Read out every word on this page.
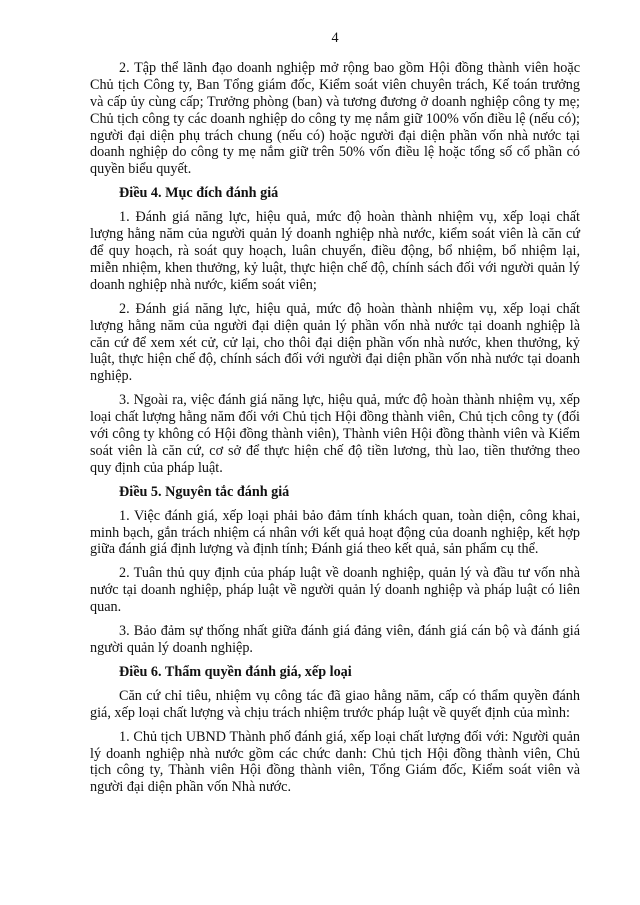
4

2. Tập thể lãnh đạo doanh nghiệp mở rộng bao gồm Hội đồng thành viên hoặc Chủ tịch Công ty, Ban Tổng giám đốc, Kiểm soát viên chuyên trách, Kế toán trưởng và cấp ủy cùng cấp; Trưởng phòng (ban) và tương đương ở doanh nghiệp công ty mẹ; Chủ tịch công ty các doanh nghiệp do công ty mẹ nắm giữ 100% vốn điều lệ (nếu có); người đại diện phụ trách chung (nếu có) hoặc người đại diện phần vốn nhà nước tại doanh nghiệp do công ty mẹ nắm giữ trên 50% vốn điều lệ hoặc tổng số cổ phần có quyền biểu quyết.

Điều 4. Mục đích đánh giá

1. Đánh giá năng lực, hiệu quả, mức độ hoàn thành nhiệm vụ, xếp loại chất lượng hằng năm của người quản lý doanh nghiệp nhà nước, kiểm soát viên là căn cứ để quy hoạch, rà soát quy hoạch, luân chuyển, điều động, bổ nhiệm, bổ nhiệm lại, miễn nhiệm, khen thưởng, kỷ luật, thực hiện chế độ, chính sách đối với người quản lý doanh nghiệp nhà nước, kiểm soát viên;

2. Đánh giá năng lực, hiệu quả, mức độ hoàn thành nhiệm vụ, xếp loại chất lượng hằng năm của người đại diện quản lý phần vốn nhà nước tại doanh nghiệp là căn cứ để xem xét cử, cử lại, cho thôi đại diện phần vốn nhà nước, khen thưởng, kỷ luật, thực hiện chế độ, chính sách đối với người đại diện phần vốn nhà nước tại doanh nghiệp.

3. Ngoài ra, việc đánh giá năng lực, hiệu quả, mức độ hoàn thành nhiệm vụ, xếp loại chất lượng hằng năm đối với Chủ tịch Hội đồng thành viên, Chủ tịch công ty (đối với công ty không có Hội đồng thành viên), Thành viên Hội đồng thành viên và Kiểm soát viên là căn cứ, cơ sở để thực hiện chế độ tiền lương, thù lao, tiền thưởng theo quy định của pháp luật.

Điều 5. Nguyên tắc đánh giá

1. Việc đánh giá, xếp loại phải bảo đảm tính khách quan, toàn diện, công khai, minh bạch, gắn trách nhiệm cá nhân với kết quả hoạt động của doanh nghiệp, kết hợp giữa đánh giá định lượng và định tính; Đánh giá theo kết quả, sản phẩm cụ thể.

2. Tuân thủ quy định của pháp luật về doanh nghiệp, quản lý và đầu tư vốn nhà nước tại doanh nghiệp, pháp luật về người quản lý doanh nghiệp và pháp luật có liên quan.

3. Bảo đảm sự thống nhất giữa đánh giá đảng viên, đánh giá cán bộ và đánh giá người quản lý doanh nghiệp.

Điều 6. Thẩm quyền đánh giá, xếp loại

Căn cứ chỉ tiêu, nhiệm vụ công tác đã giao hằng năm, cấp có thẩm quyền đánh giá, xếp loại chất lượng và chịu trách nhiệm trước pháp luật về quyết định của mình:

1. Chủ tịch UBND Thành phố đánh giá, xếp loại chất lượng đối với: Người quản lý doanh nghiệp nhà nước gồm các chức danh: Chủ tịch Hội đồng thành viên, Chủ tịch công ty, Thành viên Hội đồng thành viên, Tổng Giám đốc, Kiểm soát viên và người đại diện phần vốn Nhà nước.
